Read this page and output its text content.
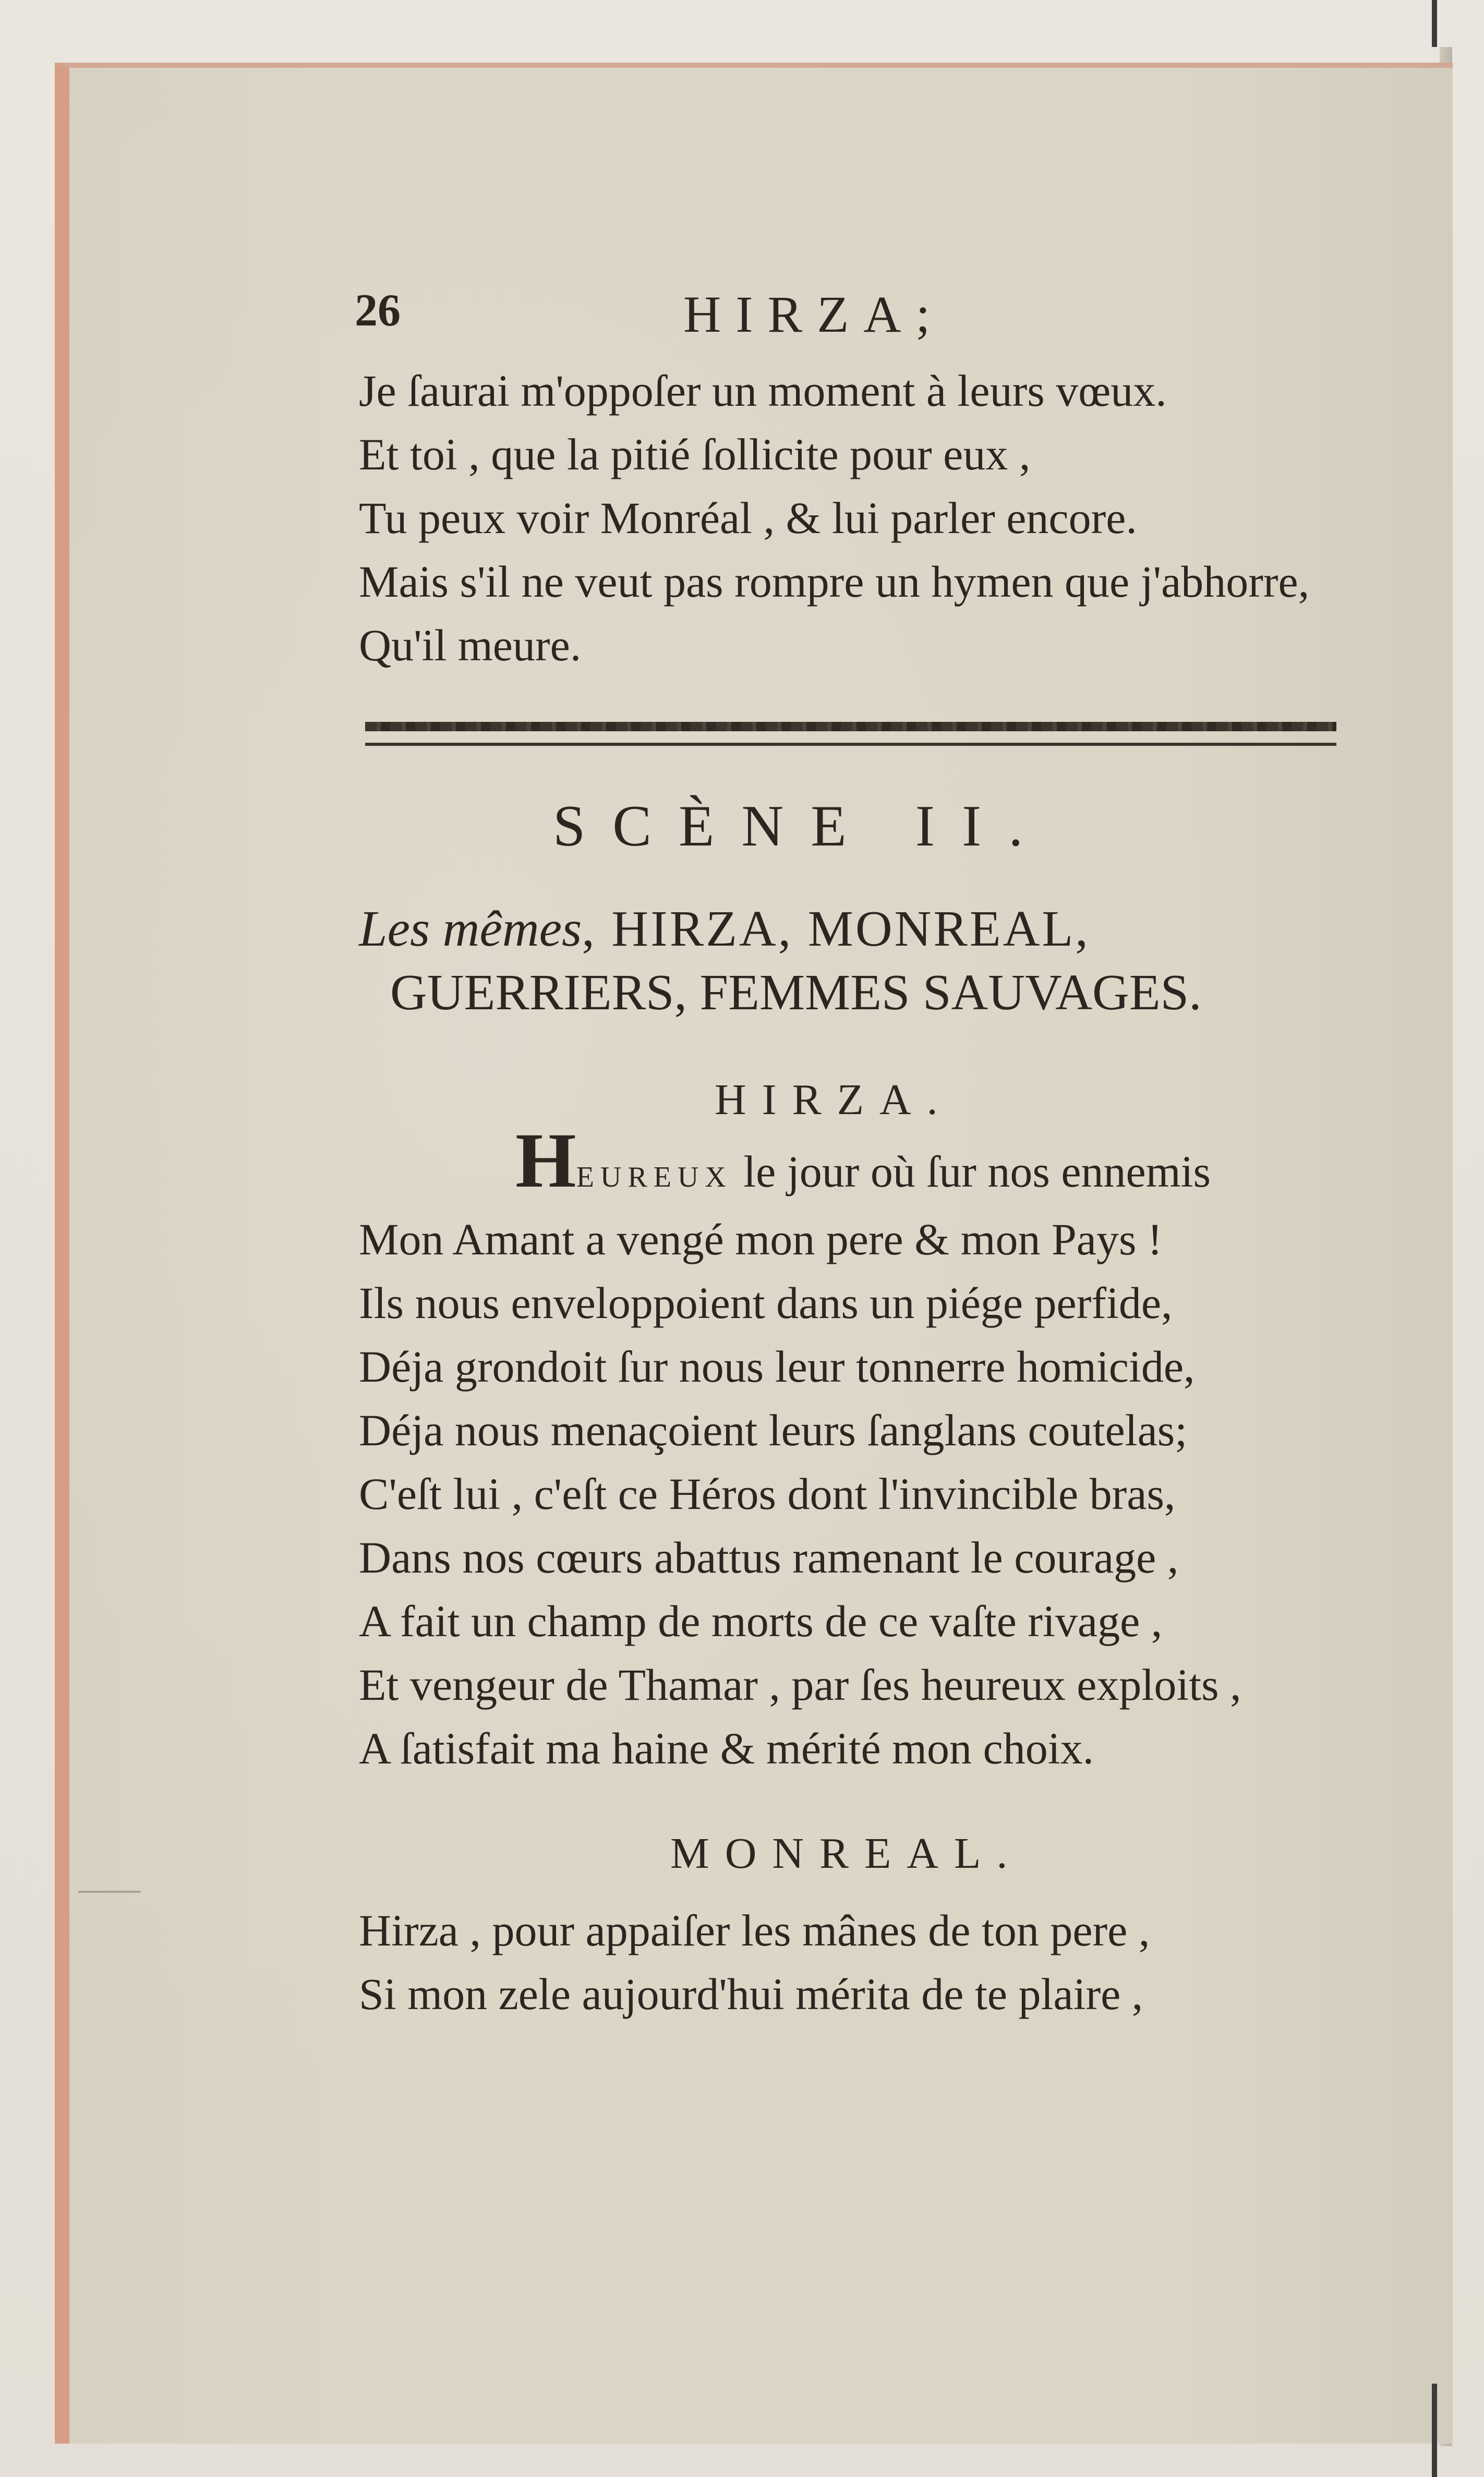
26	HIRZA;
Je ſaurai m'oppoſer un moment à leurs vœux.
Et toi , que la pitié ſollicite pour eux ,
Tu peux voir Monréal , & lui parler encore.
Mais s'il ne veut pas rompre un hymen que j'abhorre,
Qu'il meure.
SCÈNE II.
Les mêmes, HIRZA, MONREAL,
GUERRIERS, FEMMES SAUVAGES.
HIRZA.
HEUREUX le jour où ſur nos ennemis
Mon Amant a vengé mon pere & mon Pays !
Ils nous enveloppoient dans un piége perfide,
Déja grondoit ſur nous leur tonnerre homicide,
Déja nous menaçoient leurs ſanglans coutelas;
C'eſt lui , c'eſt ce Héros dont l'invincible bras,
Dans nos cœurs abattus ramenant le courage ,
A fait un champ de morts de ce vaſte rivage ,
Et vengeur de Thamar , par ſes heureux exploits ,
A ſatisfait ma haine & mérité mon choix.
MONREAL.
Hirza , pour appaiſer les mânes de ton pere ,
Si mon zele aujourd'hui mérita de te plaire ,
